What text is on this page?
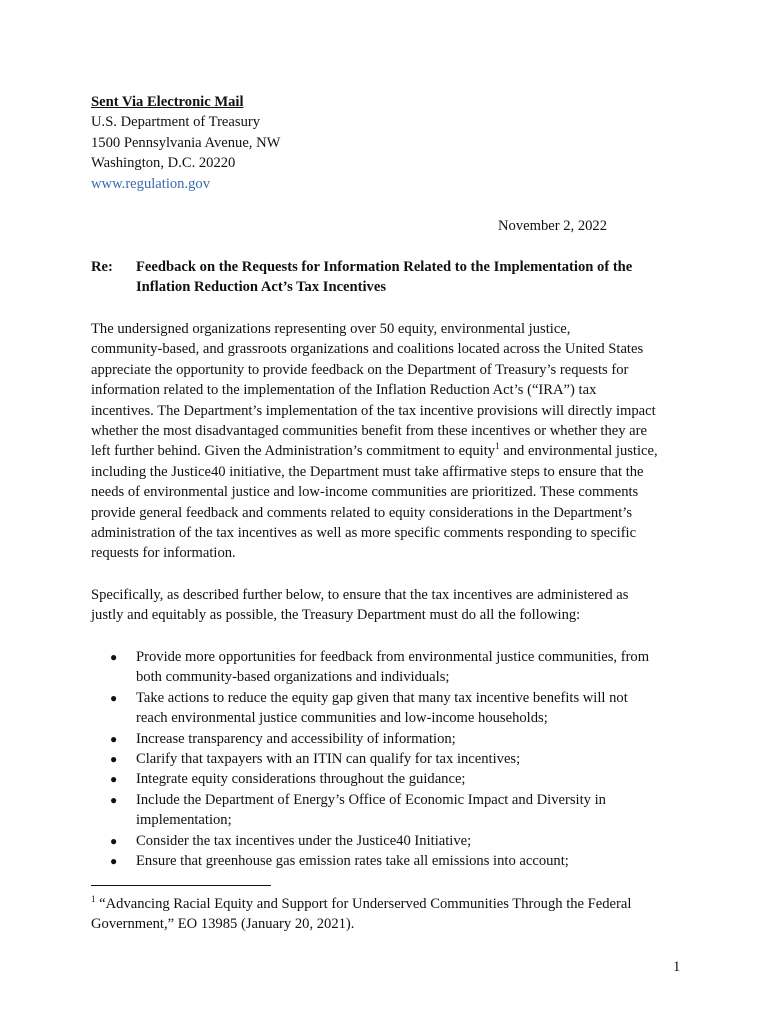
Sent Via Electronic Mail
U.S. Department of Treasury
1500 Pennsylvania Avenue, NW
Washington, D.C. 20220
www.regulation.gov
November 2, 2022
Re: Feedback on the Requests for Information Related to the Implementation of the
Inflation Reduction Act’s Tax Incentives
The undersigned organizations representing over 50 equity, environmental justice,
community-based, and grassroots organizations and coalitions located across the United States
appreciate the opportunity to provide feedback on the Department of Treasury’s requests for
information related to the implementation of the Inflation Reduction Act’s (“IRA”) tax
incentives. The Department’s implementation of the tax incentive provisions will directly impact
whether the most disadvantaged communities benefit from these incentives or whether they are
left further behind. Given the Administration’s commitment to equity$^1$ and environmental justice,
including the Justice40 initiative, the Department must take affirmative steps to ensure that the
needs of environmental justice and low-income communities are prioritized. These comments
provide general feedback and comments related to equity considerations in the Department’s
administration of the tax incentives as well as more specific comments responding to specific
requests for information.
Specifically, as described further below, to ensure that the tax incentives are administered as
justly and equitably as possible, the Treasury Department must do all the following:
● Provide more opportunities for feedback from environmental justice communities, from
both community-based organizations and individuals;
● Take actions to reduce the equity gap given that many tax incentive benefits will not
reach environmental justice communities and low-income households;
● Increase transparency and accessibility of information;
● Clarify that taxpayers with an ITIN can qualify for tax incentives;
● Integrate equity considerations throughout the guidance;
● Include the Department of Energy’s Office of Economic Impact and Diversity in
implementation;
● Consider the tax incentives under the Justice40 Initiative;
● Ensure that greenhouse gas emission rates take all emissions into account;
$^1$ “Advancing Racial Equity and Support for Underserved Communities Through the Federal
Government,” EO 13985 (January 20, 2021).
1
